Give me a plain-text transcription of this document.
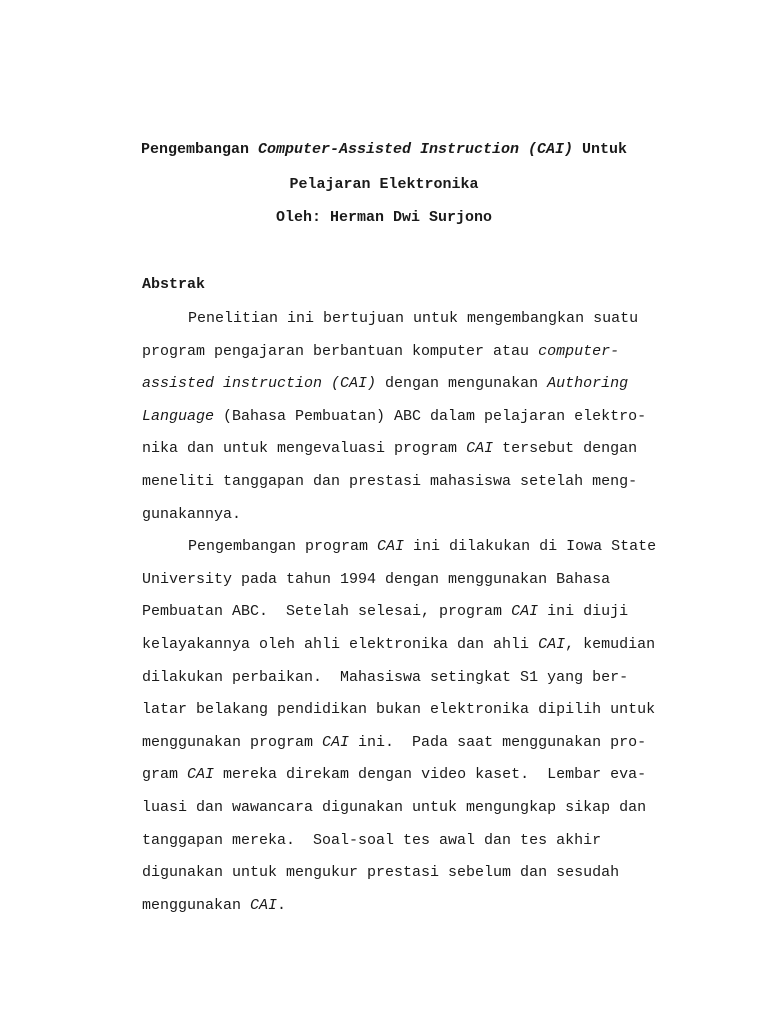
Pengembangan Computer-Assisted Instruction (CAI) Untuk
Pelajaran Elektronika
Oleh: Herman Dwi Surjono
Abstrak
Penelitian ini bertujuan untuk mengembangkan suatu
program pengajaran berbantuan komputer atau computer-
assisted instruction (CAI) dengan mengunakan Authoring
Language (Bahasa Pembuatan) ABC dalam pelajaran elektro-
nika dan untuk mengevaluasi program CAI tersebut dengan
meneliti tanggapan dan prestasi mahasiswa setelah meng-
gunakannya.
Pengembangan program CAI ini dilakukan di Iowa State
University pada tahun 1994 dengan menggunakan Bahasa
Pembuatan ABC.  Setelah selesai, program CAI ini diuji
kelayakannya oleh ahli elektronika dan ahli CAI, kemudian
dilakukan perbaikan.  Mahasiswa setingkat S1 yang ber-
latar belakang pendidikan bukan elektronika dipilih untuk
menggunakan program CAI ini.  Pada saat menggunakan pro-
gram CAI mereka direkam dengan video kaset.  Lembar eva-
luasi dan wawancara digunakan untuk mengungkap sikap dan
tanggapan mereka.  Soal-soal tes awal dan tes akhir
digunakan untuk mengukur prestasi sebelum dan sesudah
menggunakan CAI.
